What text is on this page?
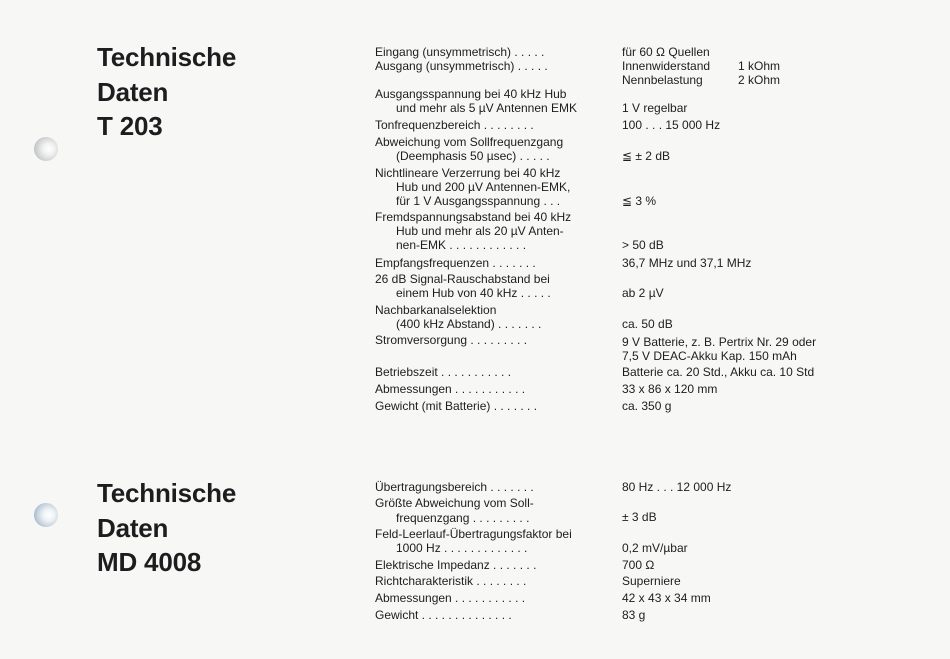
Technische
Daten
T 203
Technische
Daten
MD 4008
Eingang (unsymmetrisch) . . . . .	für 60 Ω Quellen
Ausgang (unsymmetrisch) . . . . .	Innenwiderstand 1 kOhm
Nennbelastung	2 kOhm
Ausgangsspannung bei 40 kHz Hub
und mehr als 5 µV Antennen EMK	1 V regelbar
Tonfrequenzbereich . . . . . . . .	100 . . . 15 000 Hz
Abweichung vom Sollfrequenzgang
(Deemphasis 50 µsec) . . . . .	≦ ± 2 dB
Nichtlineare Verzerrung bei 40 kHz
Hub und 200 µV Antennen-EMK,
für 1 V Ausgangsspannung . . .	≦ 3 %
Fremdspannungsabstand bei 40 kHz
Hub und mehr als 20 µV Anten-
nen-EMK . . . . . . . . . . . .	> 50 dB
Empfangsfrequenzen . . . . . . .	36,7 MHz und 37,1 MHz
26 dB Signal-Rauschabstand bei
einem Hub von 40 kHz . . . . .	ab 2 µV
Nachbarkanalselektion
(400 kHz Abstand) . . . . . . .	ca. 50 dB
Stromversorgung . . . . . . . . .	9 V Batterie, z. B. Pertrix Nr. 29 oder
7,5 V DEAC-Akku Kap. 150 mAh
Betriebszeit . . . . . . . . . . .	Batterie ca. 20 Std., Akku ca. 10 Std
Abmessungen . . . . . . . . . . .	33 x 86 x 120 mm
Gewicht (mit Batterie) . . . . . . .	ca. 350 g
Übertragungsbereich . . . . . . .	80 Hz . . . 12 000 Hz
Größte Abweichung vom Soll-
frequenzgang . . . . . . . . .	± 3 dB
Feld-Leerlauf-Übertragungsfaktor bei
1000 Hz . . . . . . . . . . . . .	0,2 mV/µbar
Elektrische Impedanz . . . . . . .	700 Ω
Richtcharakteristik . . . . . . . .	Superniere
Abmessungen . . . . . . . . . . .	42 x 43 x 34 mm
Gewicht . . . . . . . . . . . . . .	83 g
